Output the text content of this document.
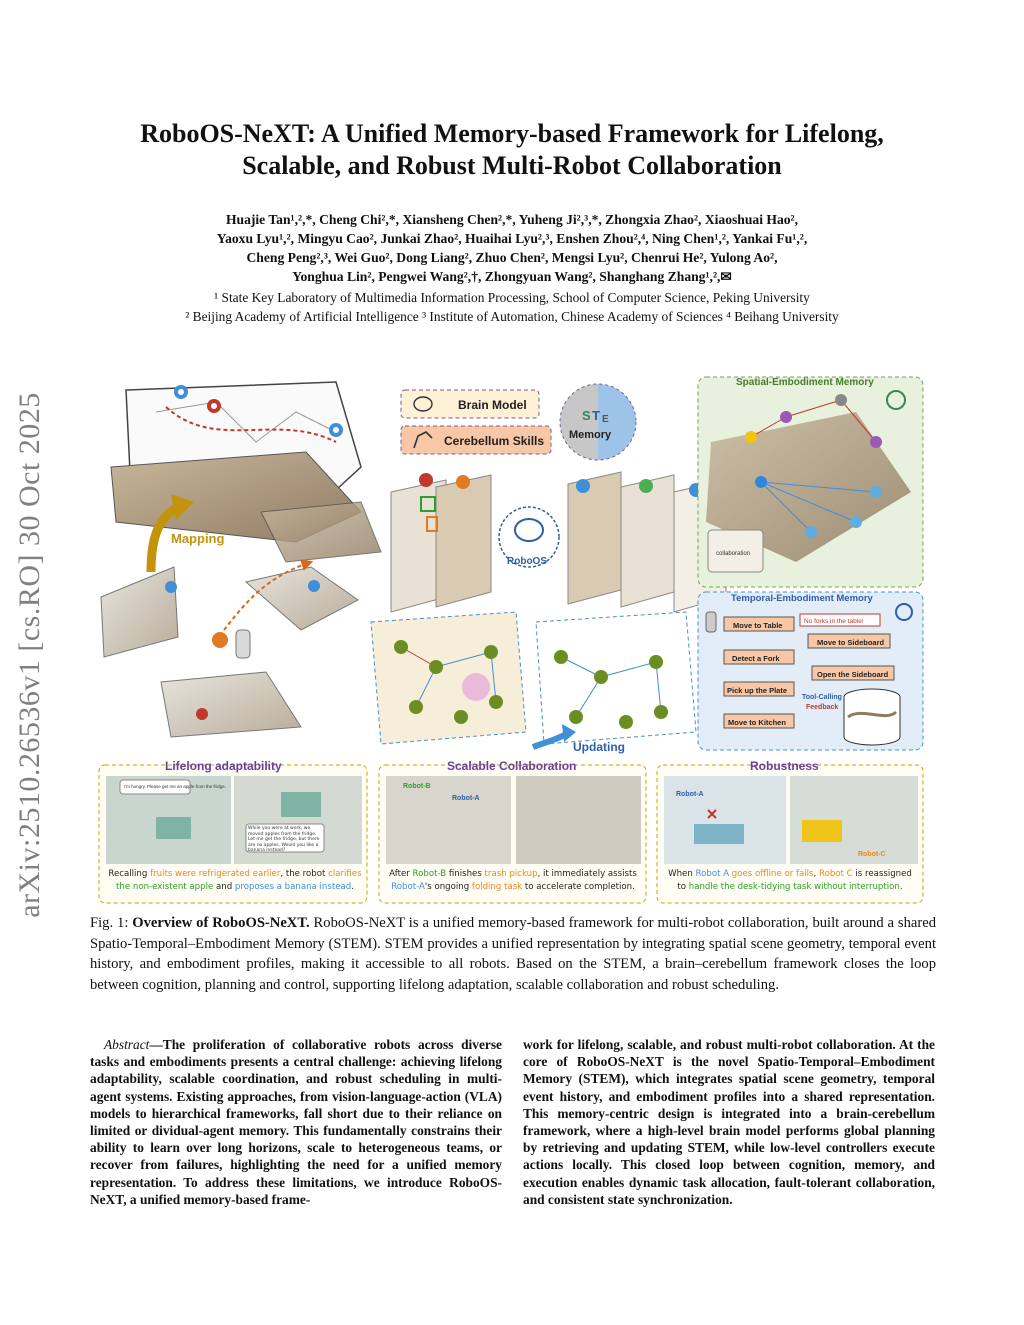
arXiv:2510.26536v1 [cs.RO] 30 Oct 2025
RoboOS-NeXT: A Unified Memory-based Framework for Lifelong,
Scalable, and Robust Multi-Robot Collaboration
Huajie Tan¹,²,*, Cheng Chi²,*, Xiansheng Chen²,*, Yuheng Ji²,³,*, Zhongxia Zhao², Xiaoshuai Hao²,
Yaoxu Lyu¹,², Mingyu Cao², Junkai Zhao², Huaihai Lyu²,³, Enshen Zhou²,⁴, Ning Chen¹,², Yankai Fu¹,²,
Cheng Peng²,³, Wei Guo², Dong Liang², Zhuo Chen², Mengsi Lyu², Chenrui He², Yulong Ao²,
Yonghua Lin², Pengwei Wang²,†, Zhongyuan Wang², Shanghang Zhang¹,²,✉
¹ State Key Laboratory of Multimedia Information Processing, School of Computer Science, Peking University
² Beijing Academy of Artificial Intelligence ³ Institute of Automation, Chinese Academy of Sciences ⁴ Beihang University
Mapping
Brain Model
Cerebellum Skills
S T E
Memory
RoboOS
Updating
Spatial-Embodiment Memory
collaboration
Temporal-Embodiment Memory
Move to Table
Detect a Fork
Pick up the Plate
Move to Kitchen
Move to Sideboard
Open the Sideboard
No forks in the table!
Tool-Calling
Feedback
Lifelong adaptability	Scalable Collaboration	Robustness
I'm hungry. Please get me an apple from the fridge.
While you were at work, we moved apples from the fridge. Let me get the fridge, but there are no apples. Would you like a banana instead?
Robot-B
Robot-A
Robot-A
Robot-C
Recalling fruits were refrigerated earlier, the robot clarifies
the non-existent apple and proposes a banana instead.
After Robot-B finishes trash pickup, it immediately assists
Robot-A's ongoing folding task to accelerate completion.
When Robot A goes offline or fails, Robot C is reassigned
to handle the desk-tidying task without interruption.
Fig. 1: Overview of RoboOS-NeXT. RoboOS-NeXT is a unified memory-based framework for multi-robot collaboration, built around a shared Spatio-Temporal–Embodiment Memory (STEM). STEM provides a unified representation by integrating spatial scene geometry, temporal event history, and embodiment profiles, making it accessible to all robots. Based on the STEM, a brain–cerebellum framework closes the loop between cognition, planning and control, supporting lifelong adaptation, scalable collaboration and robust scheduling.
Abstract—The proliferation of collaborative robots across diverse tasks and embodiments presents a central challenge: achieving lifelong adaptability, scalable coordination, and robust scheduling in multi-agent systems. Existing approaches, from vision-language-action (VLA) models to hierarchical frameworks, fall short due to their reliance on limited or dividual-agent memory. This fundamentally constrains their ability to learn over long horizons, scale to heterogeneous teams, or recover from failures, highlighting the need for a unified memory representation. To address these limitations, we introduce RoboOS-NeXT, a unified memory-based frame-
work for lifelong, scalable, and robust multi-robot collaboration. At the core of RoboOS-NeXT is the novel Spatio-Temporal–Embodiment Memory (STEM), which integrates spatial scene geometry, temporal event history, and embodiment profiles into a shared representation. This memory-centric design is integrated into a brain-cerebellum framework, where a high-level brain model performs global planning by retrieving and updating STEM, while low-level controllers execute actions locally. This closed loop between cognition, memory, and execution enables dynamic task allocation, fault-tolerant collaboration, and consistent state synchronization.
